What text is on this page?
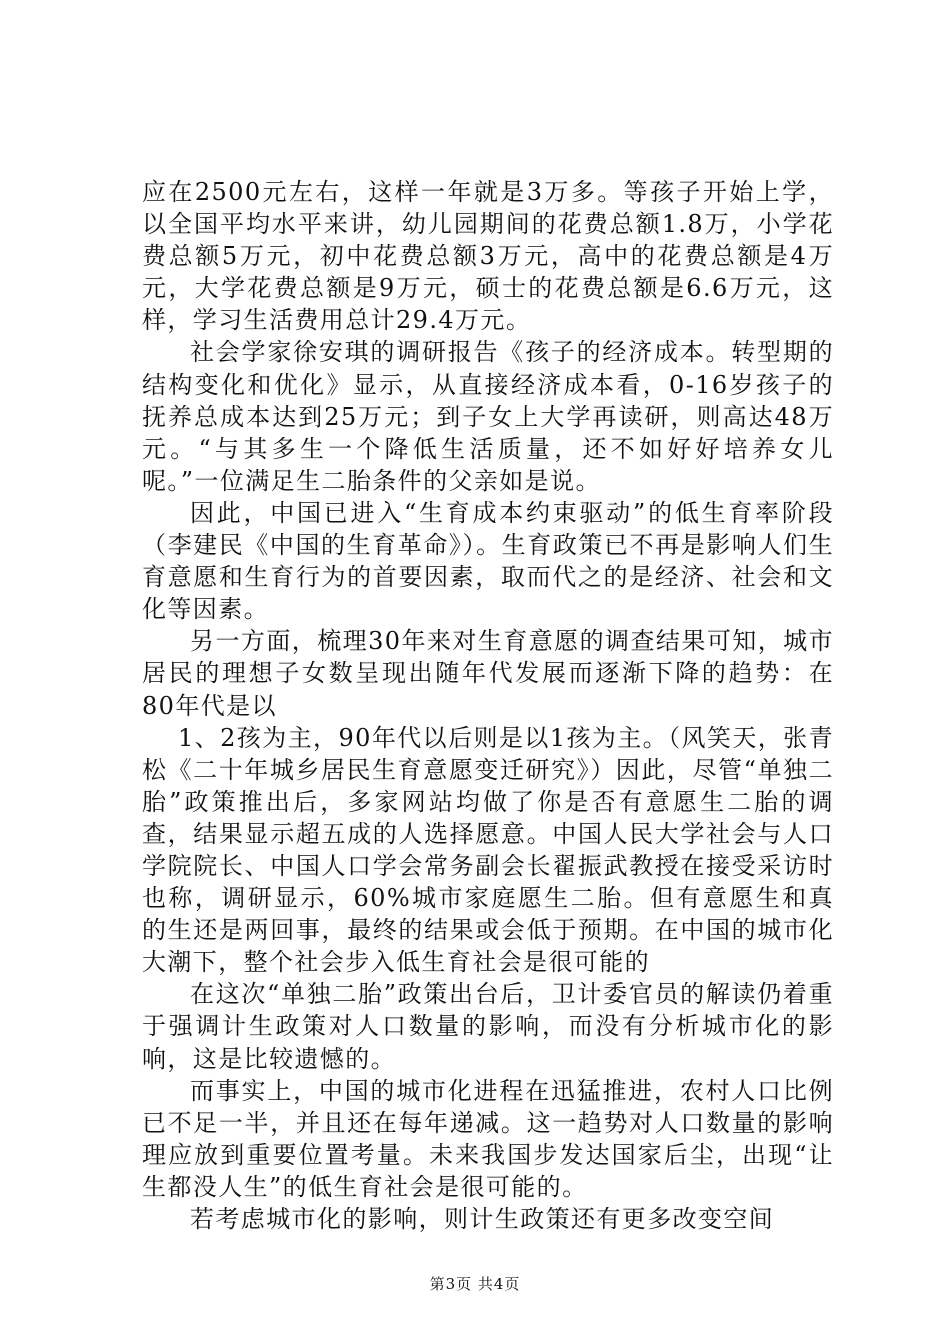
应在2500元左右，这样一年就是3万多。等孩子开始上学，以全国平均水平来讲，幼儿园期间的花费总额1.8万，小学花费总额5万元，初中花费总额3万元，高中的花费总额是4万元，大学花费总额是9万元，硕士的花费总额是6.6万元，这样，学习生活费用总计29.4万元。

社会学家徐安琪的调研报告《孩子的经济成本。转型期的结构变化和优化》显示，从直接经济成本看，0-16岁孩子的抚养总成本达到25万元；到子女上大学再读研，则高达48万元。“与其多生一个降低生活质量，还不如好好培养女儿呢。”一位满足生二胎条件的父亲如是说。

因此，中国已进入“生育成本约束驱动”的低生育率阶段（李建民《中国的生育革命》）。生育政策已不再是影响人们生育意愿和生育行为的首要因素，取而代之的是经济、社会和文化等因素。

另一方面，梳理30年来对生育意愿的调查结果可知，城市居民的理想子女数呈现出随年代发展而逐渐下降的趋势：在80年代是以

1、2孩为主，90年代以后则是以1孩为主。（风笑天，张青松《二十年城乡居民生育意愿变迁研究》）因此，尽管“单独二胎”政策推出后，多家网站均做了你是否有意愿生二胎的调查，结果显示超五成的人选择愿意。中国人民大学社会与人口学院院长、中国人口学会常务副会长翟振武教授在接受采访时也称，调研显示，60%城市家庭愿生二胎。但有意愿生和真的生还是两回事，最终的结果或会低于预期。在中国的城市化大潮下，整个社会步入低生育社会是很可能的

在这次“单独二胎”政策出台后，卫计委官员的解读仍着重于强调计生政策对人口数量的影响，而没有分析城市化的影响，这是比较遗憾的。

而事实上，中国的城市化进程在迅猛推进，农村人口比例已不足一半，并且还在每年递减。这一趋势对人口数量的影响理应放到重要位置考量。未来我国步发达国家后尘，出现“让生都没人生”的低生育社会是很可能的。

若考虑城市化的影响，则计生政策还有更多改变空间

第3页 共4页
